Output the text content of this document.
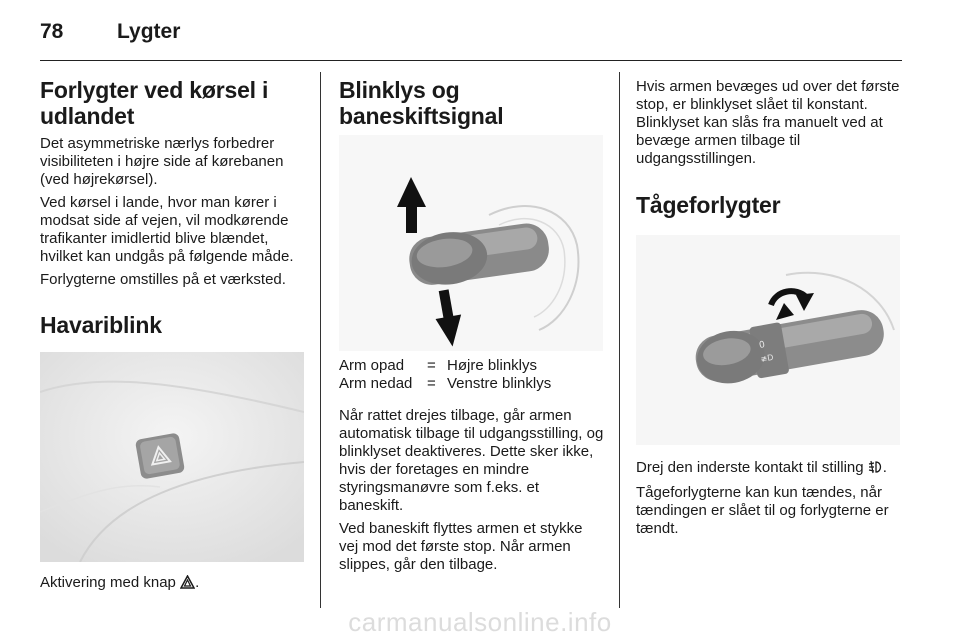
78	Lygter
Forlygter ved kørsel i udlandet

Det asymmetriske nærlys forbedrer visibiliteten i højre side af kørebanen (ved højrekørsel).

Ved kørsel i lande, hvor man kører i modsat side af vejen, vil modkørende trafikanter imidlertid blive blændet, hvilket kan undgås på følgende måde.

Forlygterne omstilles på et værksted.

Havariblink

Aktivering med knap .

Blinklys og baneskiftsignal
Arm opad	=	Højre blinklys
Arm nedad	=	Venstre blinklys

Når rattet drejes tilbage, går armen automatisk tilbage til udgangsstilling, og blinklyset deaktiveres. Dette sker ikke, hvis der foretages en mindre styringsmanøvre som f.eks. et baneskift.

Ved baneskift flyttes armen et stykke vej mod det første stop. Når armen slippes, går den tilbage.

Hvis armen bevæges ud over det første stop, er blinklyset slået til konstant. Blinklyset kan slås fra manuelt ved at bevæge armen tilbage til udgangsstillingen.

Tågeforlygter
0
≢D

Drej den inderste kontakt til stilling .

Tågeforlygterne kan kun tændes, når tændingen er slået til og forlygterne er tændt.

carmanualsonline.info
